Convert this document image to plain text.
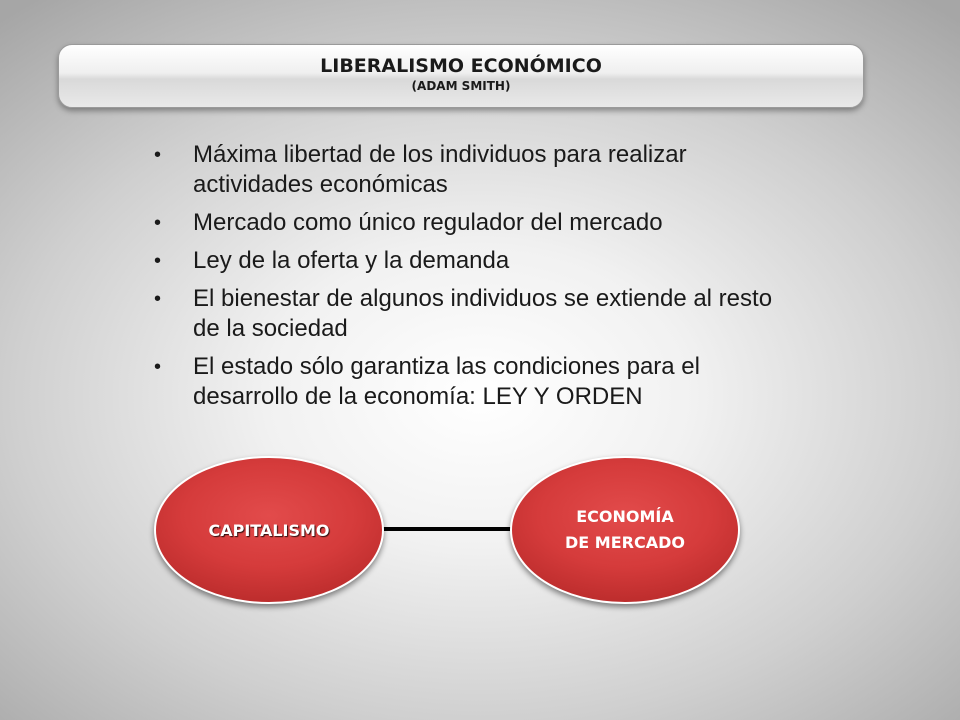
LIBERALISMO ECONÓMICO
(ADAM SMITH)
• Máxima libertad de los individuos para realizar actividades económicas
• Mercado como único regulador del mercado
• Ley de la oferta y la demanda
• El bienestar de algunos individuos se extiende al resto de la sociedad
• El estado sólo garantiza las condiciones para el desarrollo de la economía: LEY Y ORDEN
CAPITALISMO
ECONOMÍA
DE MERCADO
